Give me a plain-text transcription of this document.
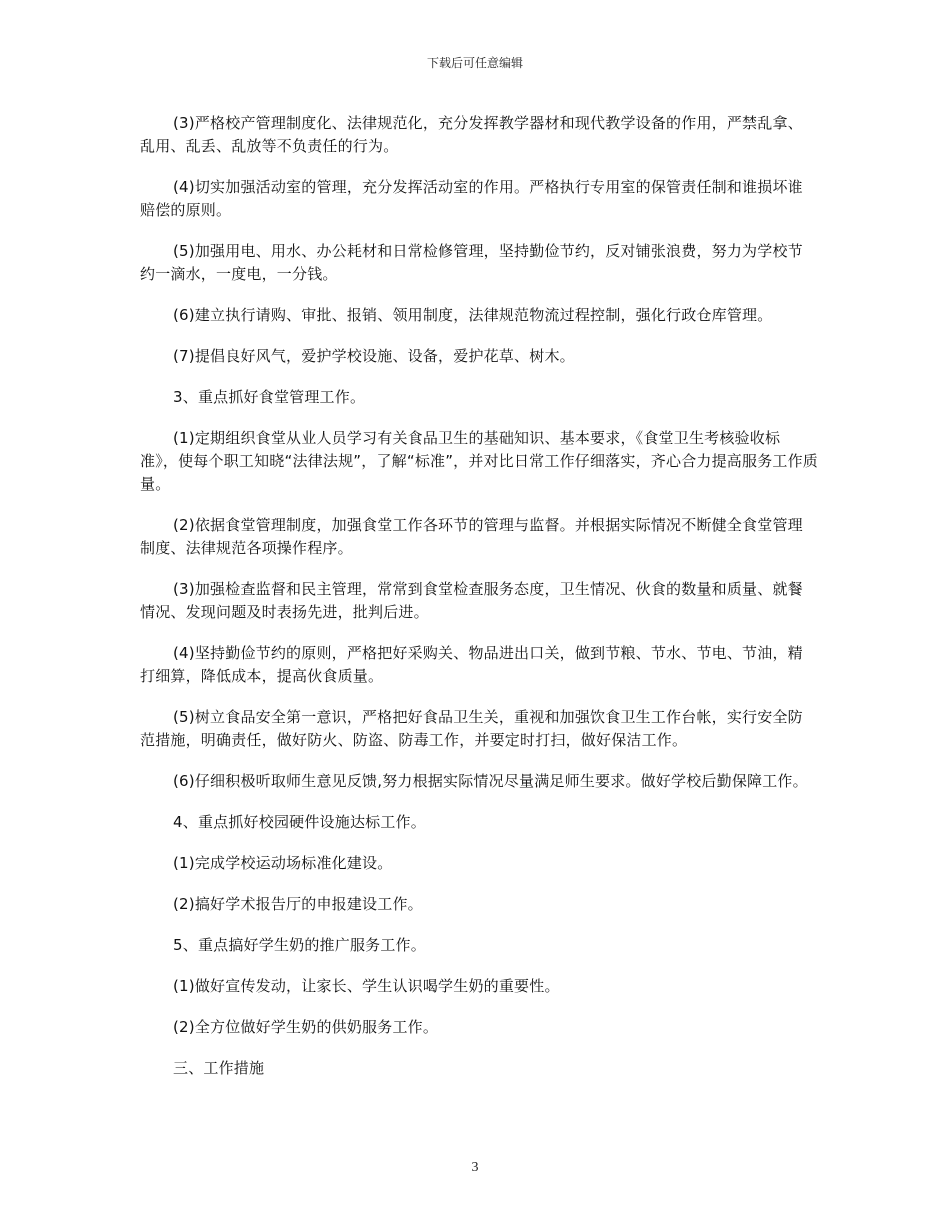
下载后可任意编辑

(3)严格校产管理制度化、法律规范化，充分发挥教学器材和现代教学设备的作用，严禁乱拿、乱用、乱丢、乱放等不负责任的行为。

(4)切实加强活动室的管理，充分发挥活动室的作用。严格执行专用室的保管责任制和谁损坏谁赔偿的原则。

(5)加强用电、用水、办公耗材和日常检修管理，坚持勤俭节约，反对铺张浪费，努力为学校节约一滴水，一度电，一分钱。

(6)建立执行请购、审批、报销、领用制度，法律规范物流过程控制，强化行政仓库管理。

(7)提倡良好风气，爱护学校设施、设备，爱护花草、树木。

3、重点抓好食堂管理工作。

(1)定期组织食堂从业人员学习有关食品卫生的基础知识、基本要求，《食堂卫生考核验收标准》，使每个职工知晓“法律法规”，了解“标准”，并对比日常工作仔细落实，齐心合力提高服务工作质量。

(2)依据食堂管理制度，加强食堂工作各环节的管理与监督。并根据实际情况不断健全食堂管理制度、法律规范各项操作程序。

(3)加强检查监督和民主管理，常常到食堂检查服务态度，卫生情况、伙食的数量和质量、就餐情况、发现问题及时表扬先进，批判后进。

(4)坚持勤俭节约的原则，严格把好采购关、物品进出口关，做到节粮、节水、节电、节油，精打细算，降低成本，提高伙食质量。

(5)树立食品安全第一意识，严格把好食品卫生关，重视和加强饮食卫生工作台帐，实行安全防范措施，明确责任，做好防火、防盗、防毒工作，并要定时打扫，做好保洁工作。

(6)仔细积极听取师生意见反馈,努力根据实际情况尽量满足师生要求。做好学校后勤保障工作。

4、重点抓好校园硬件设施达标工作。

(1)完成学校运动场标准化建设。

(2)搞好学术报告厅的申报建设工作。

5、重点搞好学生奶的推广服务工作。

(1)做好宣传发动，让家长、学生认识喝学生奶的重要性。

(2)全方位做好学生奶的供奶服务工作。

三、工作措施

3
